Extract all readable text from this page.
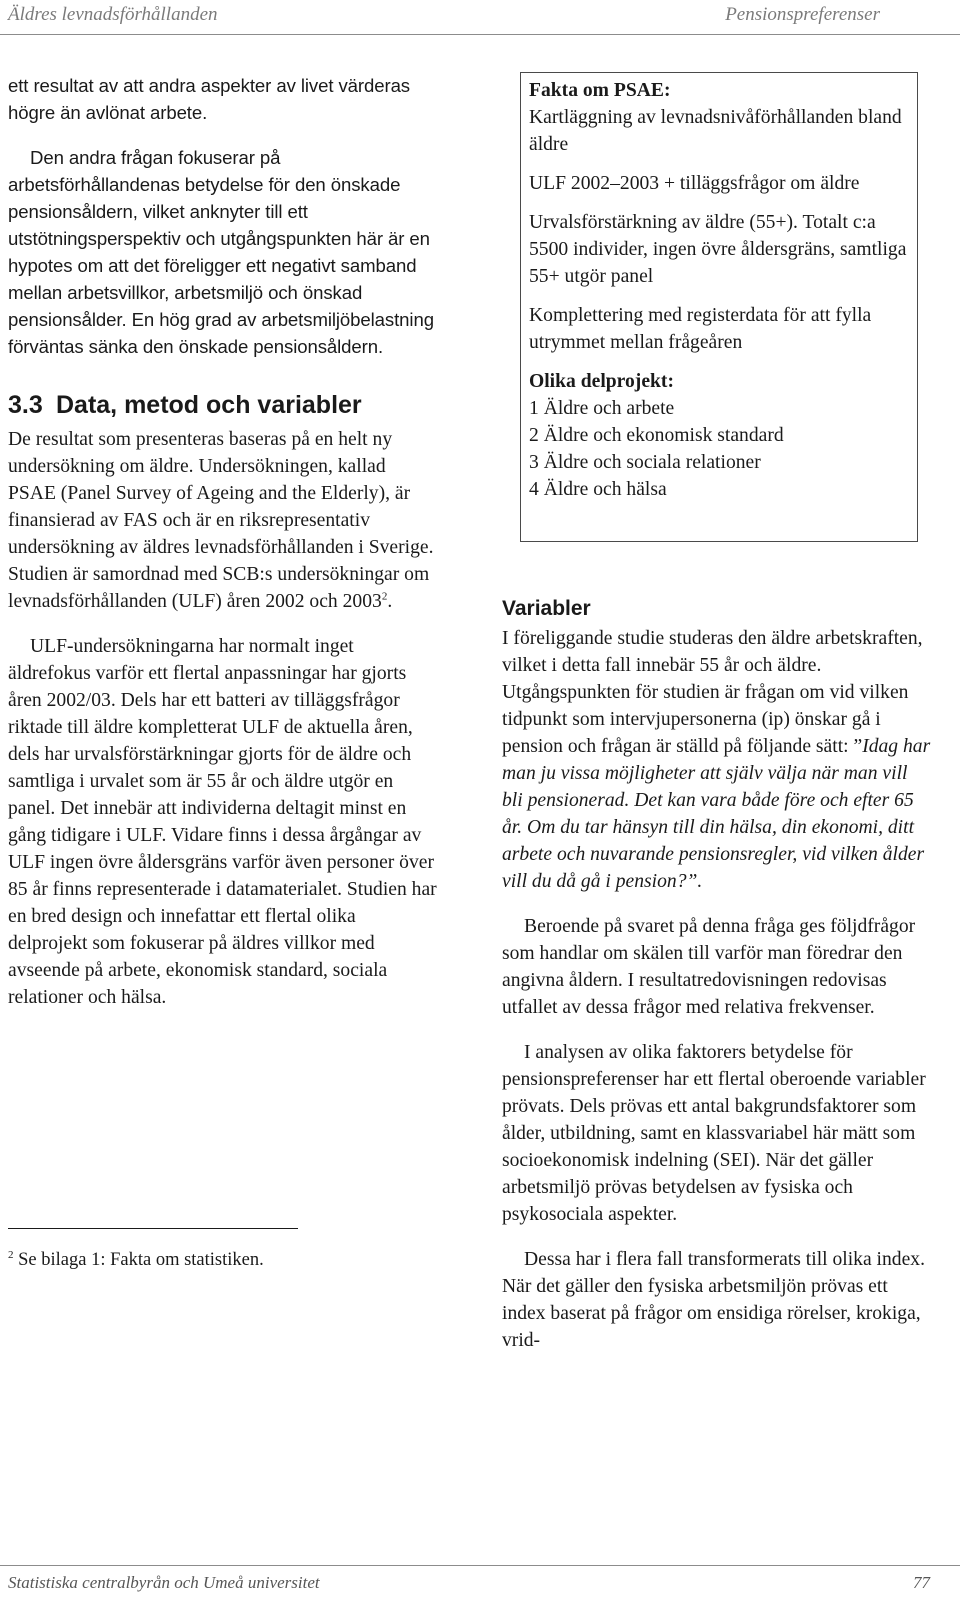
Äldres levnadsförhållanden	Pensionspreferenser

ett resultat av att andra aspekter av livet värderas högre än avlönat arbete.

Den andra frågan fokuserar på arbetsförhållandenas betydelse för den önskade pensionsåldern, vilket anknyter till ett utstötningsperspektiv och utgångspunkten här är en hypotes om att det föreligger ett negativt samband mellan arbetsvillkor, arbetsmiljö och önskad pensionsålder. En hög grad av arbetsmiljöbelastning förväntas sänka den önskade pensionsåldern.

3.3 Data, metod och variabler

De resultat som presenteras baseras på en helt ny undersökning om äldre. Undersökningen, kallad PSAE (Panel Survey of Ageing and the Elderly), är finansierad av FAS och är en riksrepresentativ undersökning av äldres levnadsförhållanden i Sverige. Studien är samordnad med SCB:s undersökningar om levnadsförhållanden (ULF) åren 2002 och 2003$^2$.

ULF-undersökningarna har normalt inget äldrefokus varför ett flertal anpassningar har gjorts åren 2002/03. Dels har ett batteri av tilläggsfrågor riktade till äldre kompletterat ULF de aktuella åren, dels har urvalsförstärkningar gjorts för de äldre och samtliga i urvalet som är 55 år och äldre utgör en panel. Det innebär att individerna deltagit minst en gång tidigare i ULF. Vidare finns i dessa årgångar av ULF ingen övre åldersgräns varför även personer över 85 år finns representerade i datamaterialet. Studien har en bred design och innefattar ett flertal olika delprojekt som fokuserar på äldres villkor med avseende på arbete, ekonomisk standard, sociala relationer och hälsa.

$^2$ Se bilaga 1: Fakta om statistiken.

Fakta om PSAE:

Kartläggning av levnadsnivåförhållanden bland äldre

ULF 2002–2003 + tilläggsfrågor om äldre

Urvalsförstärkning av äldre (55+). Totalt c:a 5500 individer, ingen övre åldersgräns, samtliga 55+ utgör panel

Komplettering med registerdata för att fylla utrymmet mellan frågeåren

Olika delprojekt:

1 Äldre och arbete

2 Äldre och ekonomisk standard

3 Äldre och sociala relationer

4 Äldre och hälsa

Variabler

I föreliggande studie studeras den äldre arbetskraften, vilket i detta fall innebär 55 år och äldre. Utgångspunkten för studien är frågan om vid vilken tidpunkt som intervjupersonerna (ip) önskar gå i pension och frågan är ställd på följande sätt: ”Idag har man ju vissa möjligheter att själv välja när man vill bli pensionerad. Det kan vara både före och efter 65 år. Om du tar hänsyn till din hälsa, din ekonomi, ditt arbete och nuvarande pensionsregler, vid vilken ålder vill du då gå i pension?”.

Beroende på svaret på denna fråga ges följdfrågor som handlar om skälen till varför man föredrar den angivna åldern. I resultatredovisningen redovisas utfallet av dessa frågor med relativa frekvenser.

I analysen av olika faktorers betydelse för pensionspreferenser har ett flertal oberoende variabler prövats. Dels prövas ett antal bakgrundsfaktorer som ålder, utbildning, samt en klassvariabel här mätt som socioekonomisk indelning (SEI). När det gäller arbetsmiljö prövas betydelsen av fysiska och psykosociala aspekter.

Dessa har i flera fall transformerats till olika index. När det gäller den fysiska arbetsmiljön prövas ett index baserat på frågor om ensidiga rörelser, krokiga, vrid-

Statistiska centralbyrån och Umeå universitet	77
